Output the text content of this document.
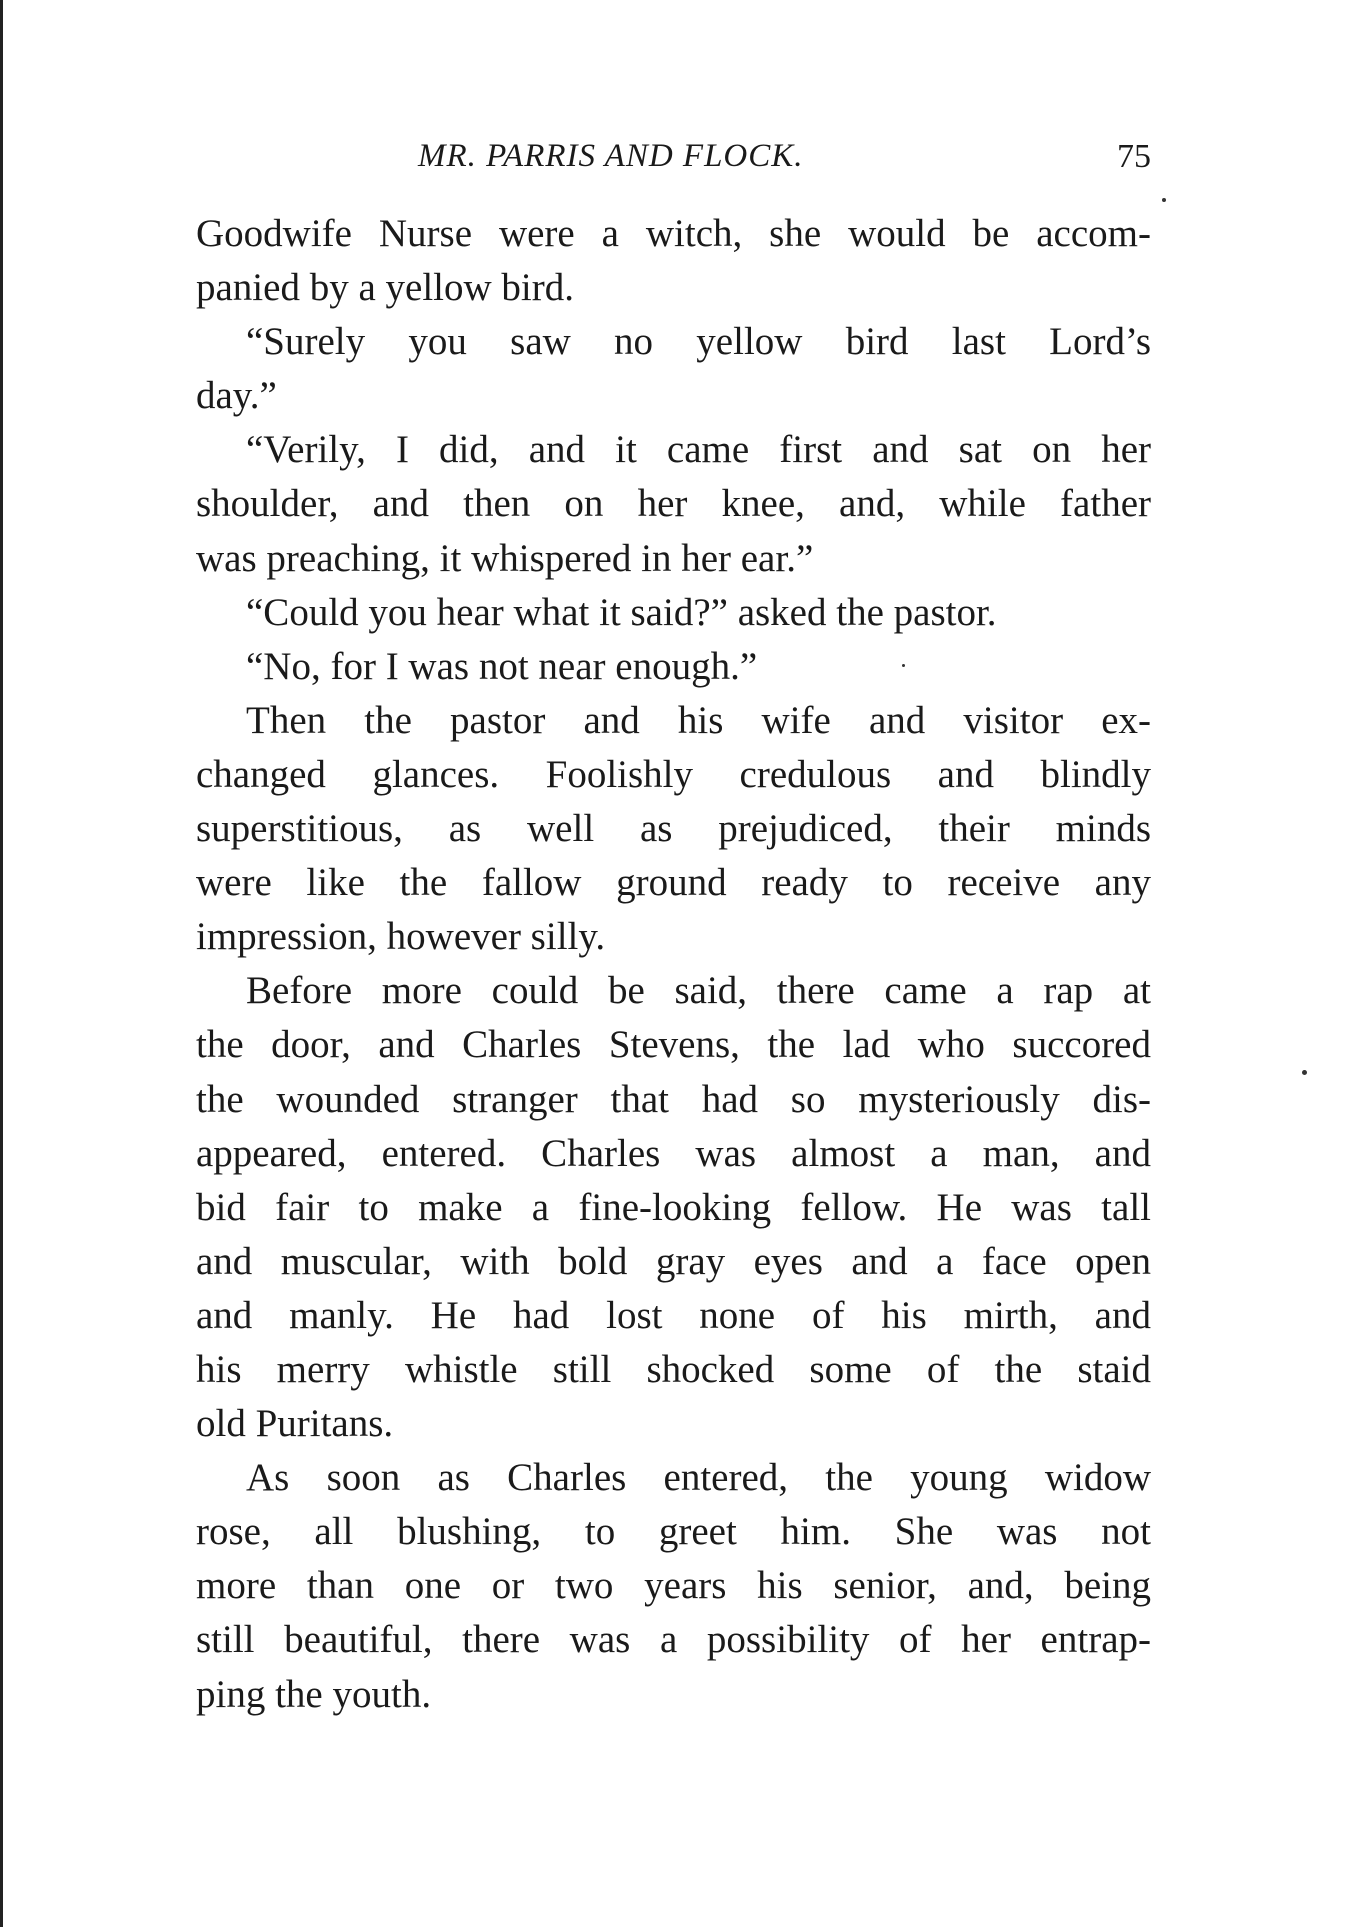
MR. PARRIS AND FLOCK.	75

Goodwife Nurse were a witch, she would be accom-
panied by a yellow bird.

“Surely you saw no yellow bird last Lord’s
day.”

“Verily, I did, and it came first and sat on her
shoulder, and then on her knee, and, while father
was preaching, it whispered in her ear.”

“Could you hear what it said?” asked the pastor.

“No, for I was not near enough.”

Then the pastor and his wife and visitor ex-
changed glances. Foolishly credulous and blindly
superstitious, as well as prejudiced, their minds
were like the fallow ground ready to receive any
impression, however silly.

Before more could be said, there came a rap at
the door, and Charles Stevens, the lad who succored
the wounded stranger that had so mysteriously dis-
appeared, entered. Charles was almost a man, and
bid fair to make a fine-looking fellow. He was tall
and muscular, with bold gray eyes and a face open
and manly. He had lost none of his mirth, and
his merry whistle still shocked some of the staid
old Puritans.

As soon as Charles entered, the young widow
rose, all blushing, to greet him. She was not
more than one or two years his senior, and, being
still beautiful, there was a possibility of her entrap-
ping the youth.
